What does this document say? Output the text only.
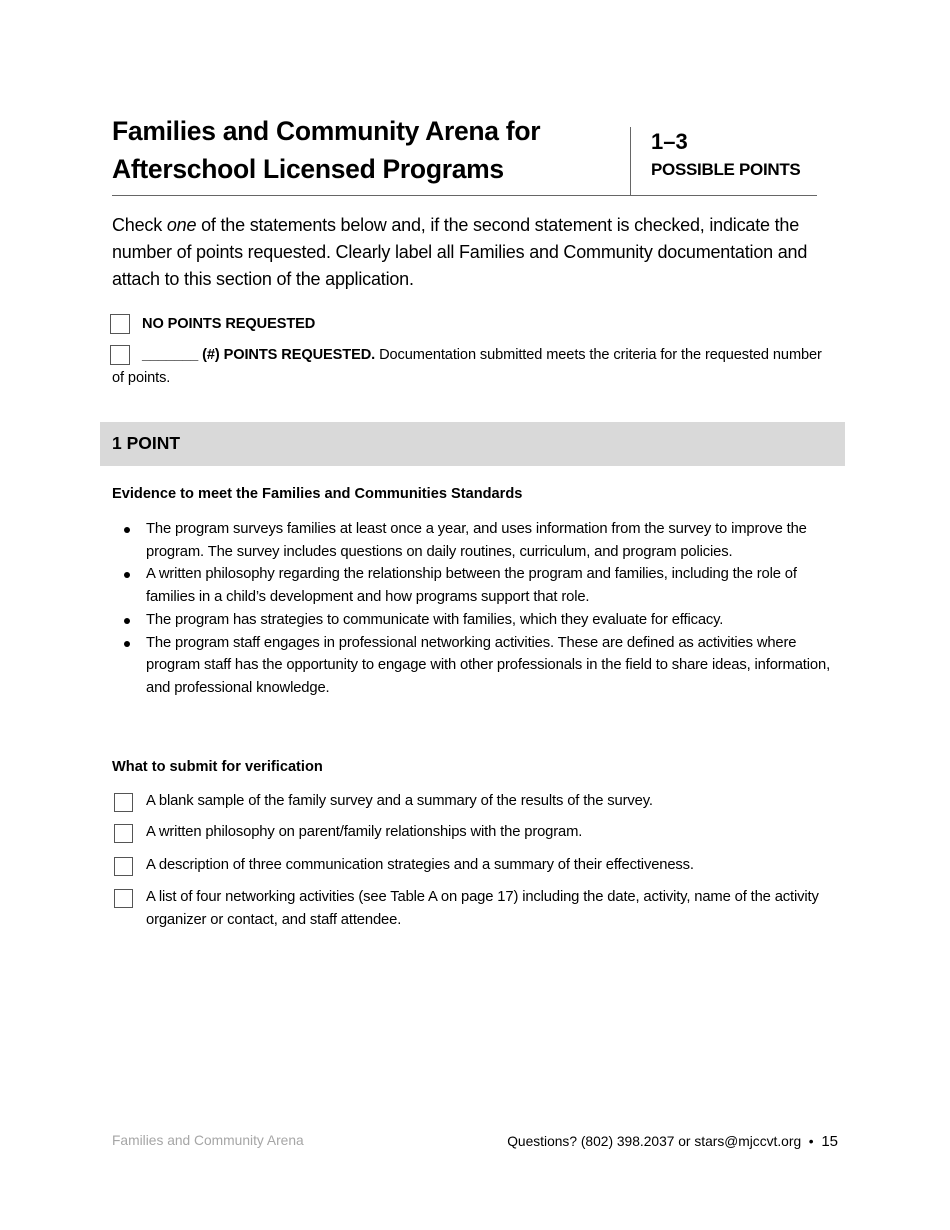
Families and Community Arena for
Afterschool Licensed Programs
1–3
POSSIBLE POINTS
Check one of the statements below and, if the second statement is checked, indicate the number of points requested. Clearly label all Families and Community documentation and attach to this section of the application.
NO POINTS REQUESTED
_______ (#) POINTS REQUESTED. Documentation submitted meets the criteria for the requested number of points.
1 POINT
Evidence to meet the Families and Communities Standards
The program surveys families at least once a year, and uses information from the survey to improve the program. The survey includes questions on daily routines, curriculum, and program policies.
A written philosophy regarding the relationship between the program and families, including the role of families in a child’s development and how programs support that role.
The program has strategies to communicate with families, which they evaluate for efficacy.
The program staff engages in professional networking activities. These are defined as activities where program staff has the opportunity to engage with other professionals in the field to share ideas, information, and professional knowledge.
What to submit for verification
A blank sample of the family survey and a summary of the results of the survey.
A written philosophy on parent/family relationships with the program.
A description of three communication strategies and a summary of their effectiveness.
A list of four networking activities (see Table A on page 17) including the date, activity, name of the activity organizer or contact, and staff attendee.
Families and Community Arena	Questions? (802) 398.2037 or stars@mjccvt.org • 15
